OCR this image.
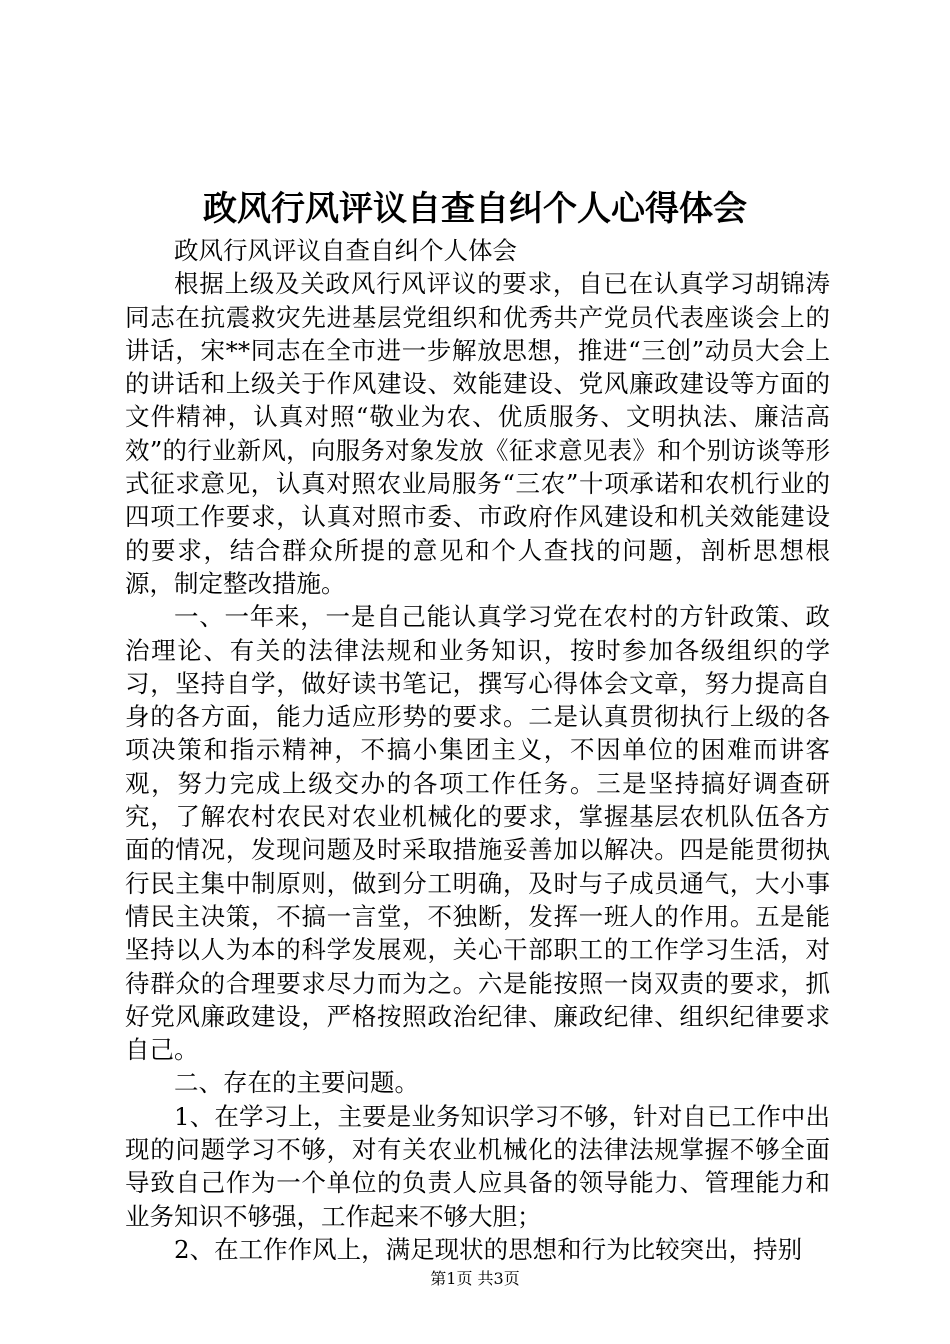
政风行风评议自查自纠个人心得体会

政风行风评议自查自纠个人体会

根据上级及关政风行风评议的要求，自已在认真学习胡锦涛同志在抗震救灾先进基层党组织和优秀共产党员代表座谈会上的讲话，宋**同志在全市进一步解放思想，推进“三创”动员大会上的讲话和上级关于作风建设、效能建设、党风廉政建设等方面的文件精神，认真对照“敬业为农、优质服务、文明执法、廉洁高效”的行业新风，向服务对象发放《征求意见表》和个别访谈等形式征求意见，认真对照农业局服务“三农”十项承诺和农机行业的四项工作要求，认真对照市委、市政府作风建设和机关效能建设的要求，结合群众所提的意见和个人查找的问题，剖析思想根源，制定整改措施。

一、一年来，一是自己能认真学习党在农村的方针政策、政治理论、有关的法律法规和业务知识，按时参加各级组织的学习，坚持自学，做好读书笔记，撰写心得体会文章，努力提高自身的各方面，能力适应形势的要求。二是认真贯彻执行上级的各项决策和指示精神，不搞小集团主义，不因单位的困难而讲客观，努力完成上级交办的各项工作任务。三是坚持搞好调查研究，了解农村农民对农业机械化的要求，掌握基层农机队伍各方面的情况，发现问题及时采取措施妥善加以解决。四是能贯彻执行民主集中制原则，做到分工明确，及时与子成员通气，大小事情民主决策，不搞一言堂，不独断，发挥一班人的作用。五是能坚持以人为本的科学发展观，关心干部职工的工作学习生活，对待群众的合理要求尽力而为之。六是能按照一岗双责的要求，抓好党风廉政建设，严格按照政治纪律、廉政纪律、组织纪律要求自己。

二、存在的主要问题。

1、在学习上，主要是业务知识学习不够，针对自已工作中出现的问题学习不够，对有关农业机械化的法律法规掌握不够全面导致自己作为一个单位的负责人应具备的领导能力、管理能力和业务知识不够强，工作起来不够大胆；

2、在工作作风上，满足现状的思想和行为比较突出，持别

第1页 共3页
